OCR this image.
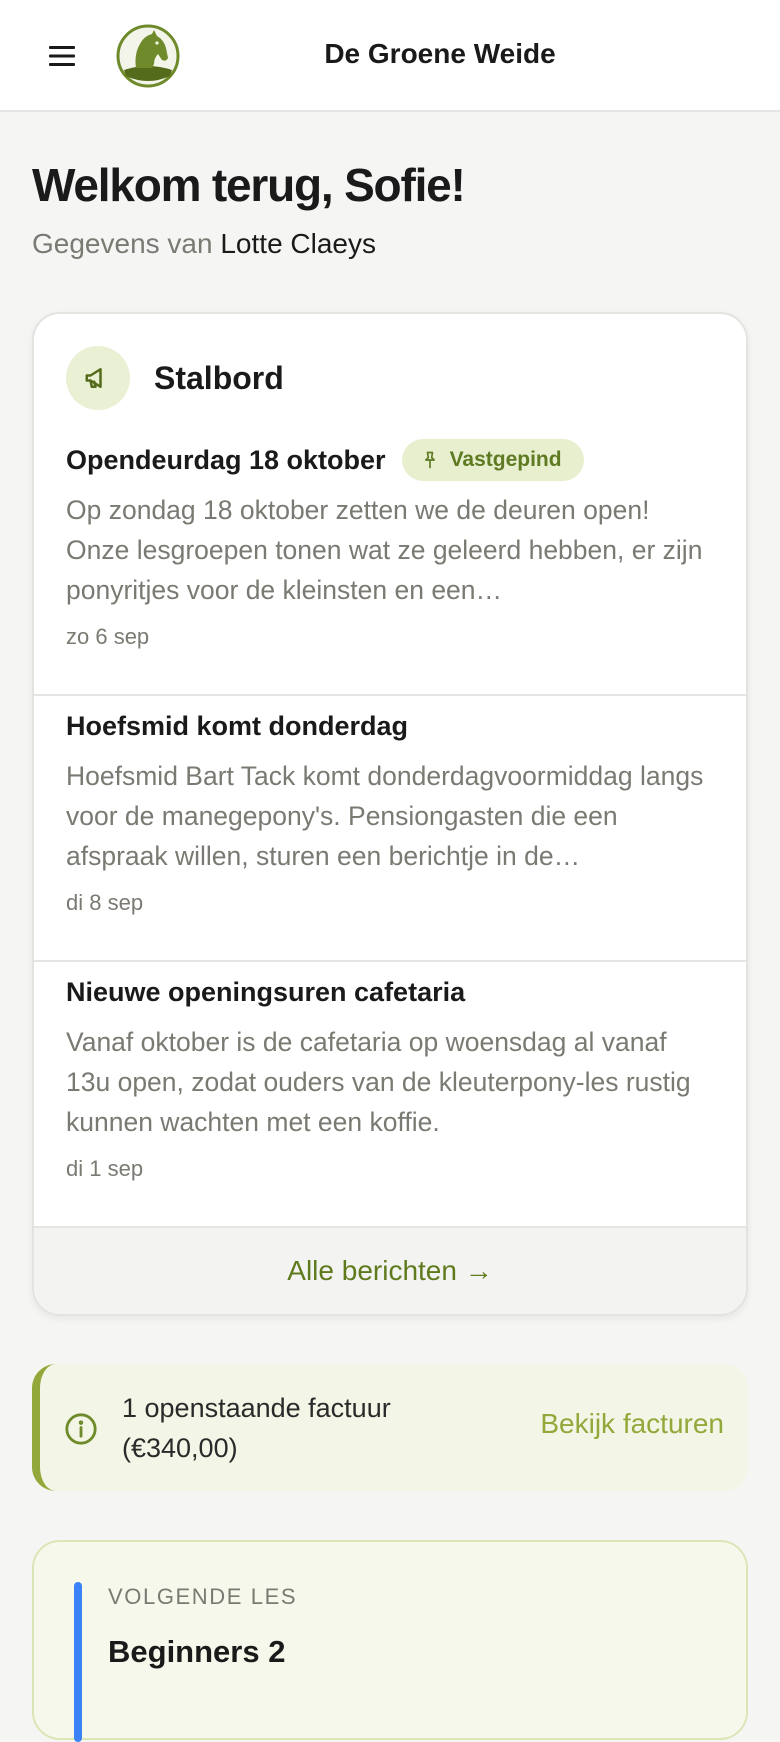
De Groene Weide
Welkom terug, Sofie!
Gegevens van Lotte Claeys
Stalbord
Opendeurdag 18 oktober	Vastgepind
Op zondag 18 oktober zetten we de deuren open! Onze lesgroepen tonen wat ze geleerd hebben, er zijn ponyritjes voor de kleinsten en een…
zo 6 sep
Hoefsmid komt donderdag
Hoefsmid Bart Tack komt donderdagvoormiddag langs voor de manegepony's. Pensiongasten die een afspraak willen, sturen een berichtje in de…
di 8 sep
Nieuwe openingsuren cafetaria
Vanaf oktober is de cafetaria op woensdag al vanaf 13u open, zodat ouders van de kleuterpony-les rustig kunnen wachten met een koffie.
di 1 sep
Alle berichten →
1 openstaande factuur
(€340,00)
Bekijk facturen
VOLGENDE LES
Beginners 2
